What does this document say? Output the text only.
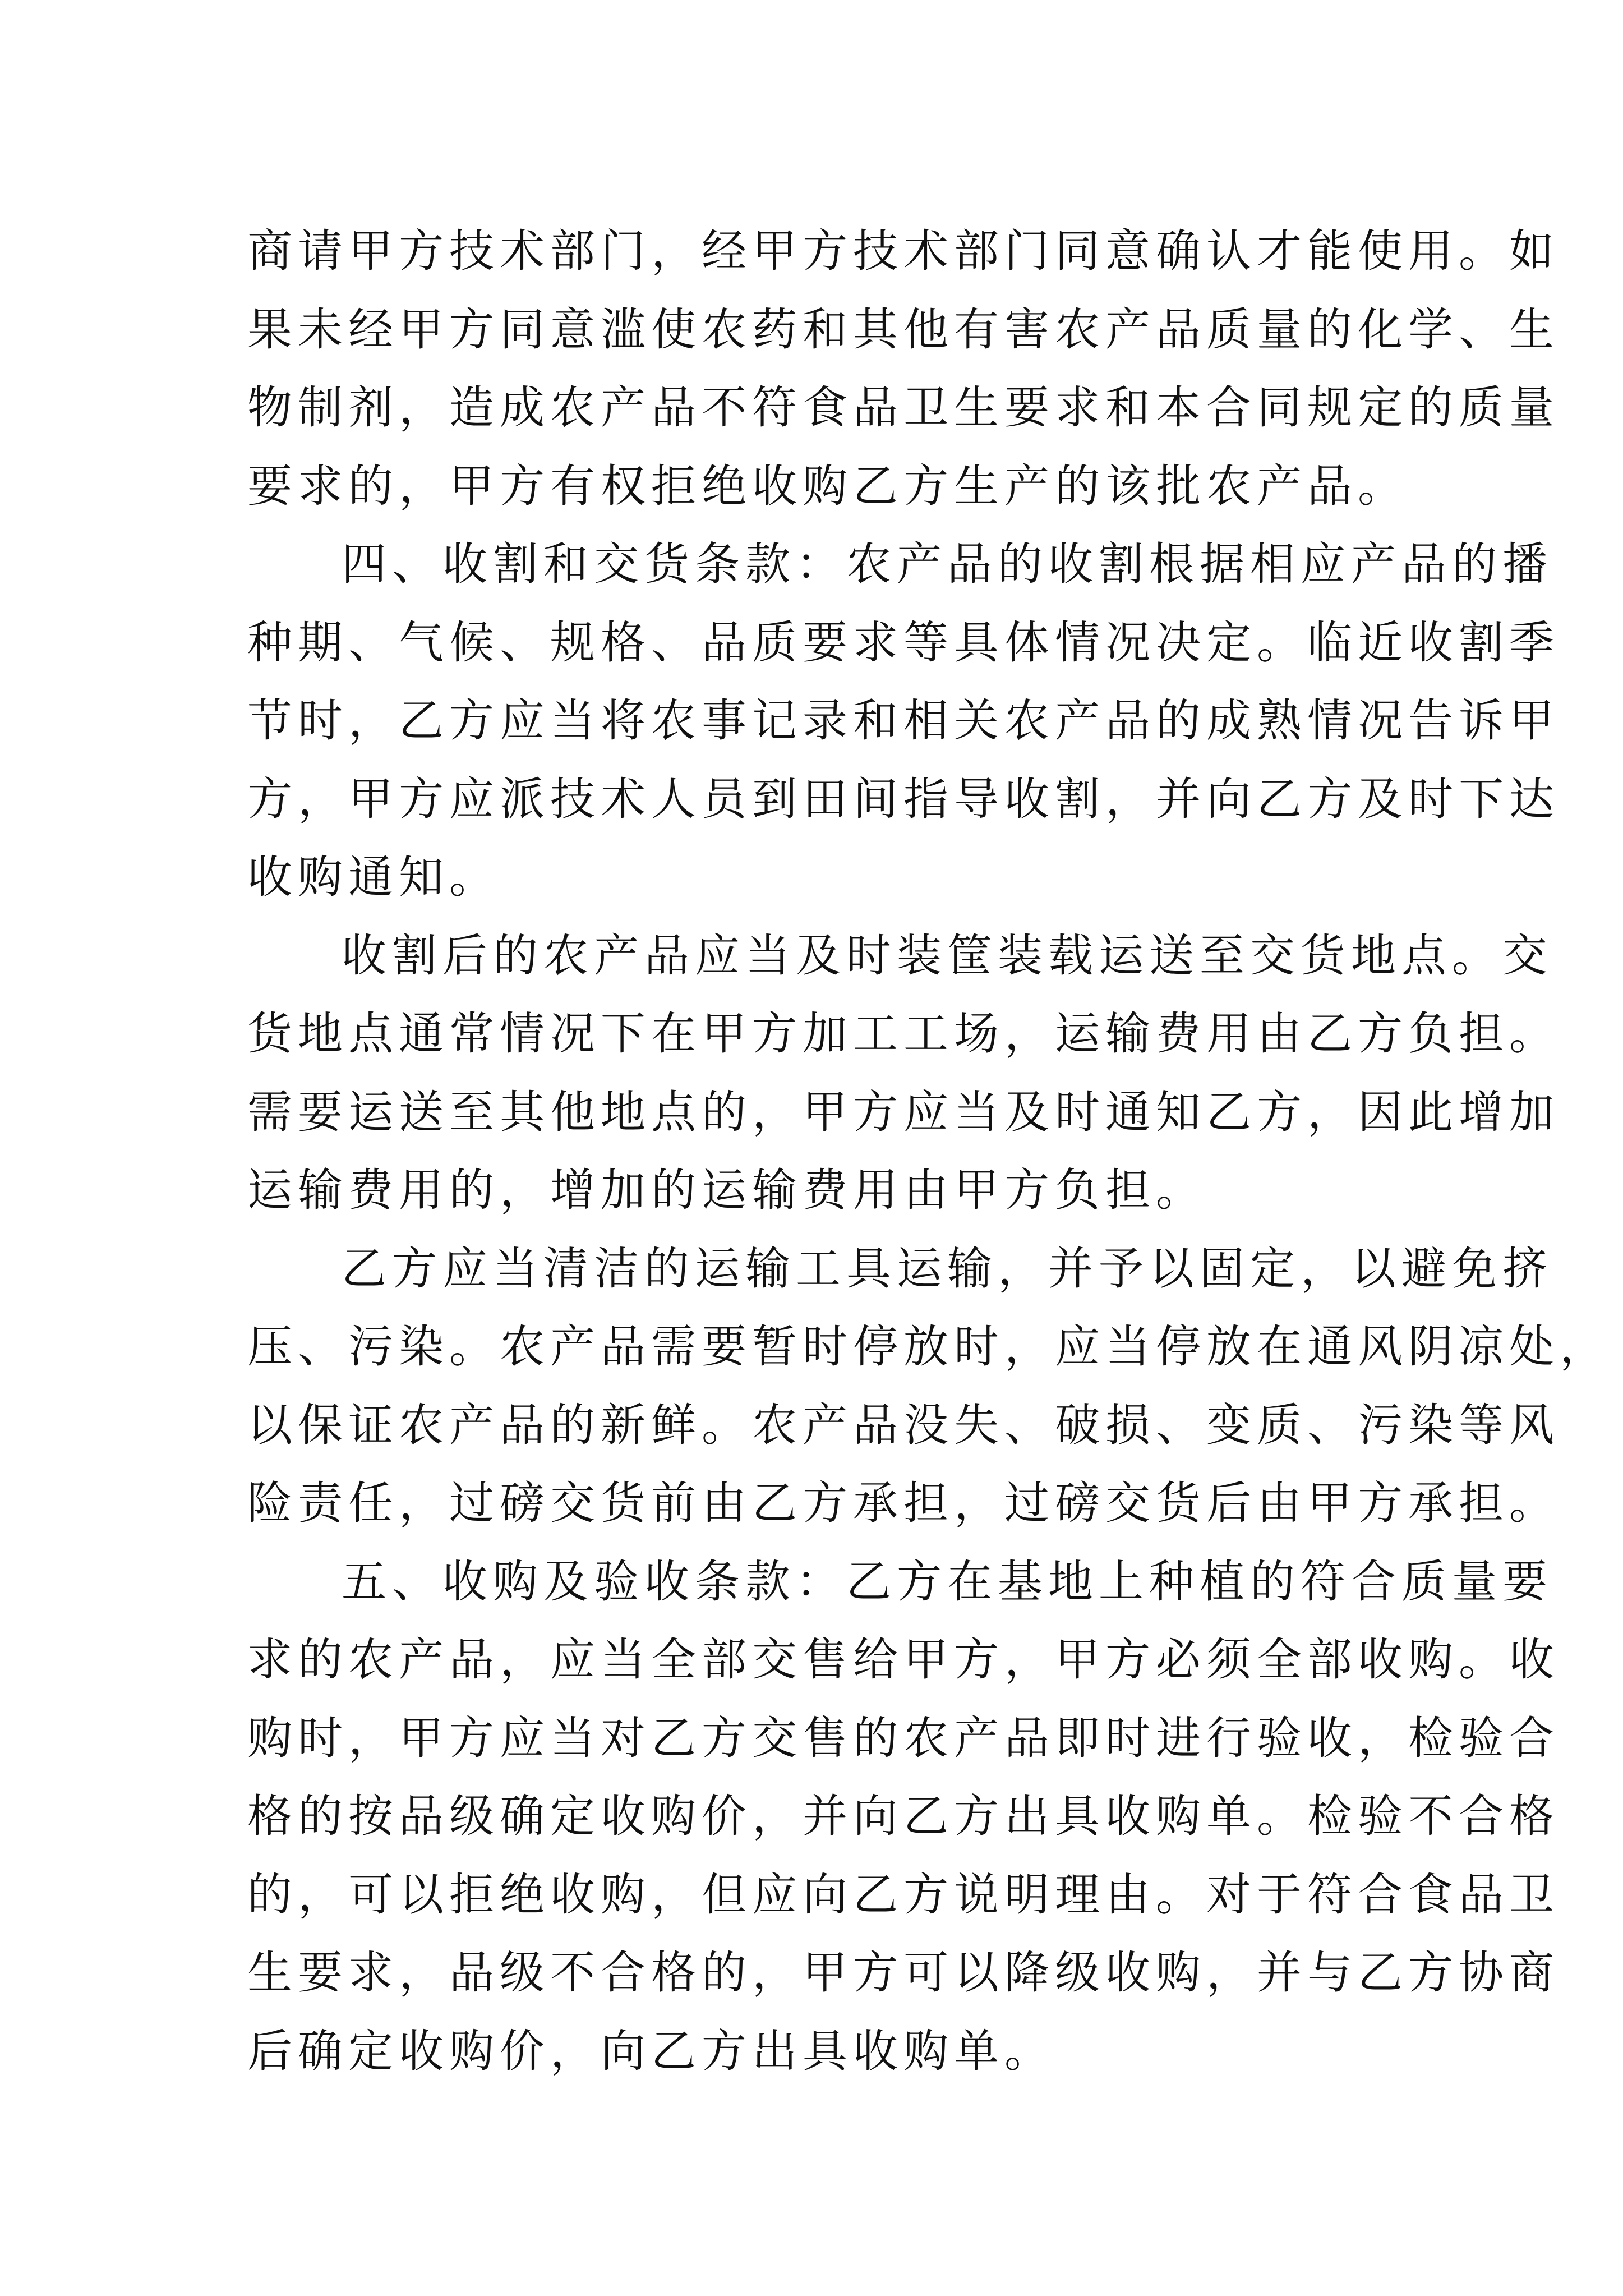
商请甲方技术部门，经甲方技术部门同意确认才能使用。如
果未经甲方同意滥使农药和其他有害农产品质量的化学、生
物制剂，造成农产品不符食品卫生要求和本合同规定的质量
要求的，甲方有权拒绝收购乙方生产的该批农产品。
四、收割和交货条款：农产品的收割根据相应产品的播
种期、气候、规格、品质要求等具体情况决定。临近收割季
节时，乙方应当将农事记录和相关农产品的成熟情况告诉甲
方，甲方应派技术人员到田间指导收割，并向乙方及时下达
收购通知。
收割后的农产品应当及时装筐装载运送至交货地点。交
货地点通常情况下在甲方加工工场，运输费用由乙方负担。
需要运送至其他地点的，甲方应当及时通知乙方，因此增加
运输费用的，增加的运输费用由甲方负担。
乙方应当清洁的运输工具运输，并予以固定，以避免挤
压、污染。农产品需要暂时停放时，应当停放在通风阴凉处，
以保证农产品的新鲜。农产品没失、破损、变质、污染等风
险责任，过磅交货前由乙方承担，过磅交货后由甲方承担。
五、收购及验收条款：乙方在基地上种植的符合质量要
求的农产品，应当全部交售给甲方，甲方必须全部收购。收
购时，甲方应当对乙方交售的农产品即时进行验收，检验合
格的按品级确定收购价，并向乙方出具收购单。检验不合格
的，可以拒绝收购，但应向乙方说明理由。对于符合食品卫
生要求，品级不合格的，甲方可以降级收购，并与乙方协商
后确定收购价，向乙方出具收购单。
